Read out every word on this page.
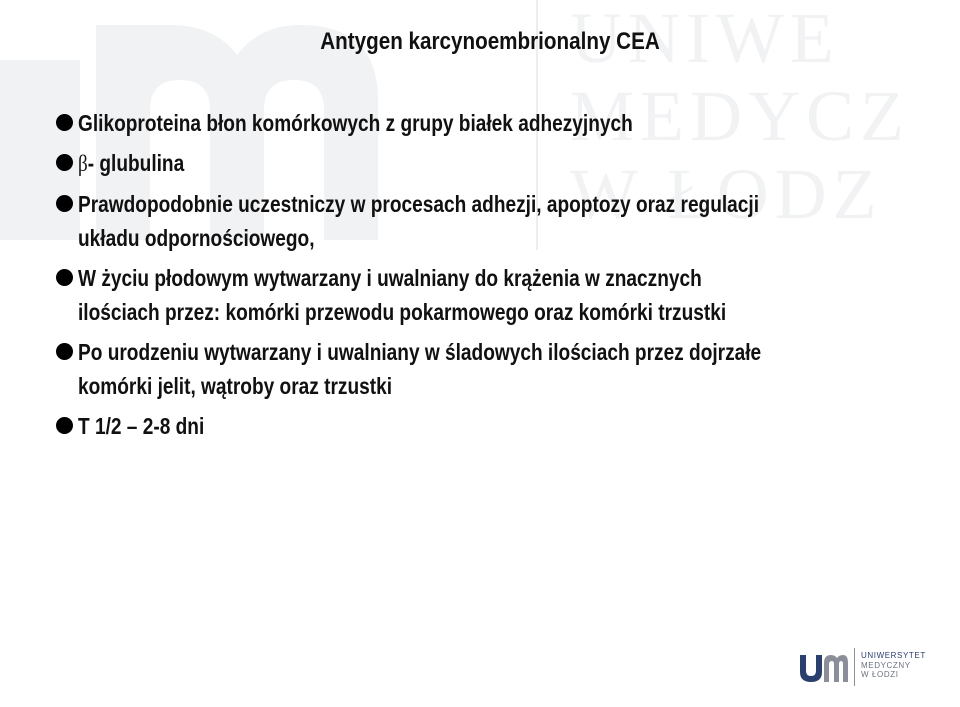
UNIWE
MEDYCZ
W ŁODZ
Antygen karcynoembrionalny CEA
Glikoproteina błon komórkowych z grupy białek adhezyjnych
β- glubulina
Prawdopodobnie uczestniczy w procesach adhezji, apoptozy oraz regulacji
układu odpornościowego,
W życiu płodowym wytwarzany i uwalniany do krążenia w znacznych
ilościach przez: komórki przewodu pokarmowego oraz komórki trzustki
Po urodzeniu wytwarzany i uwalniany w śladowych ilościach przez dojrzałe
komórki jelit, wątroby oraz trzustki
T 1/2 – 2-8 dni
UNIWERSYTET
MEDYCZNY
W ŁODZI
